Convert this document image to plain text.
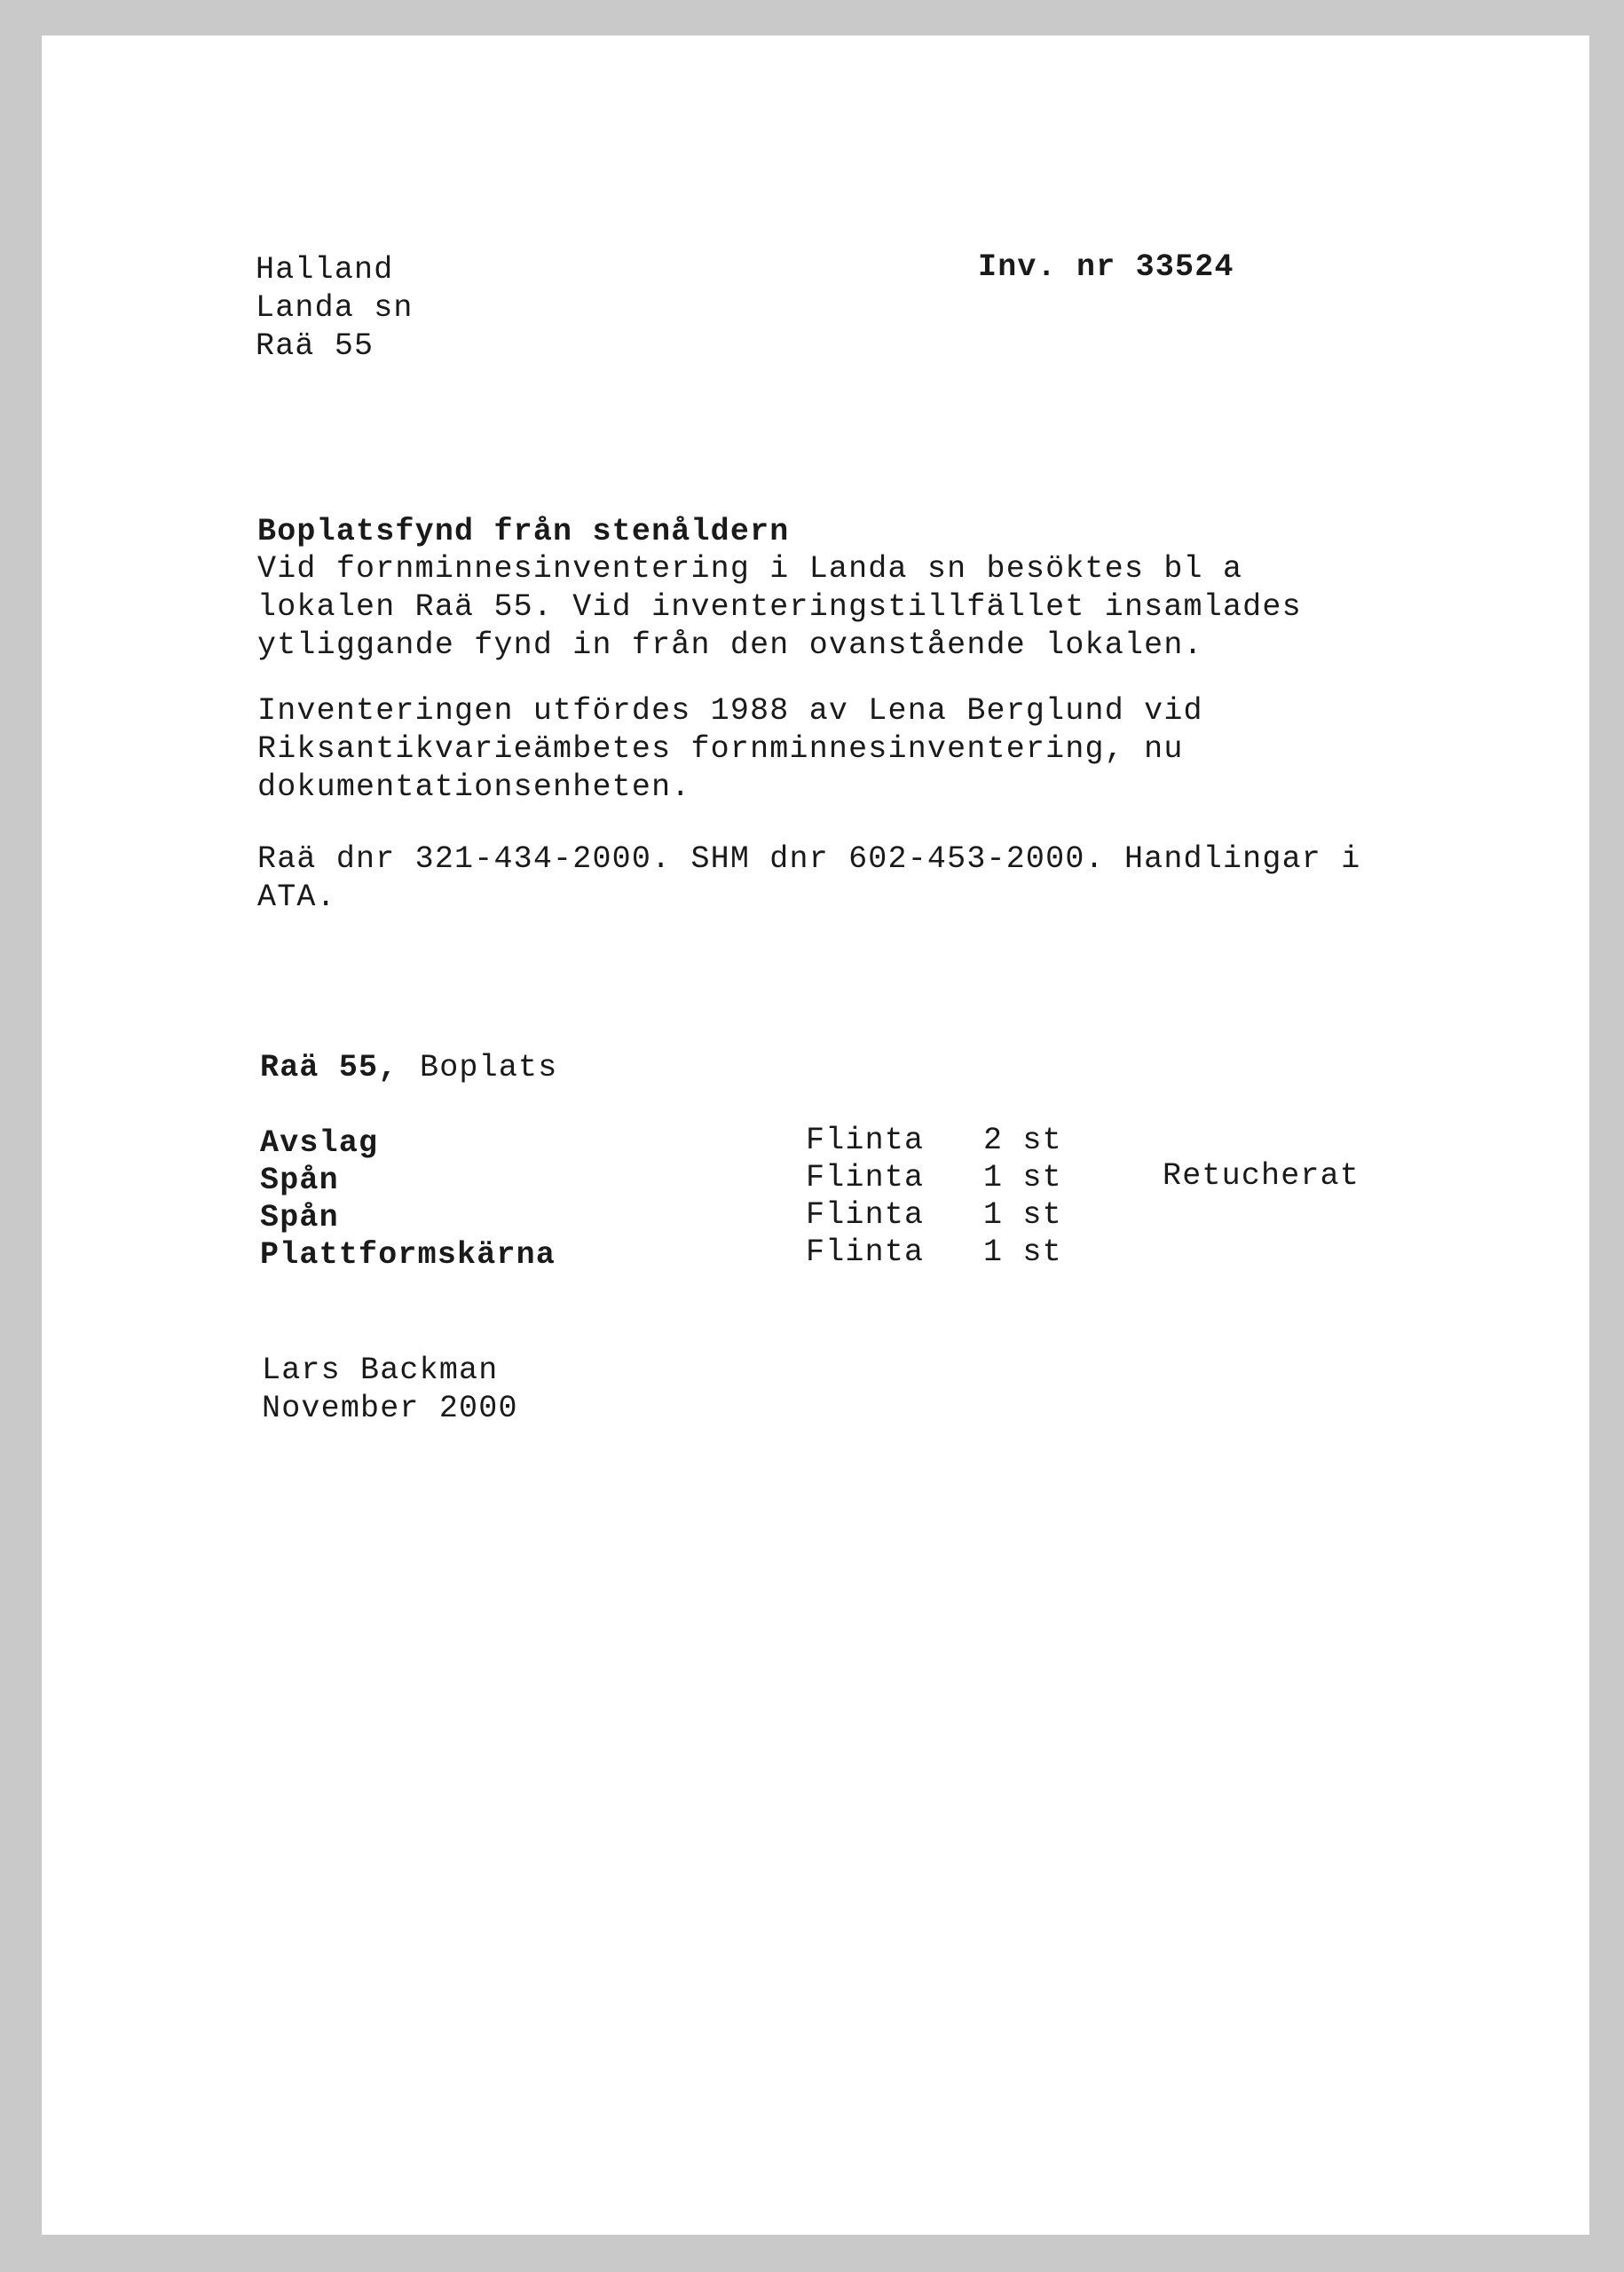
Halland
Landa sn
Raä 55
Inv. nr 33524
Boplatsfynd från stenåldern
Vid fornminnesinventering i Landa sn besöktes bl a
lokalen Raä 55. Vid inventeringstillfället insamlades
ytliggande fynd in från den ovanstående lokalen.
Inventeringen utfördes 1988 av Lena Berglund vid
Riksantikvarieämbetes fornminnesinventering, nu
dokumentationsenheten.
Raä dnr 321-434-2000. SHM dnr 602-453-2000. Handlingar i
ATA.
Raä 55, Boplats
Avslag	Flinta 2 st
Spån	Flinta 1 st	Retucherat
Spån	Flinta 1 st
Plattformskärna	Flinta 1 st
Lars Backman
November 2000
